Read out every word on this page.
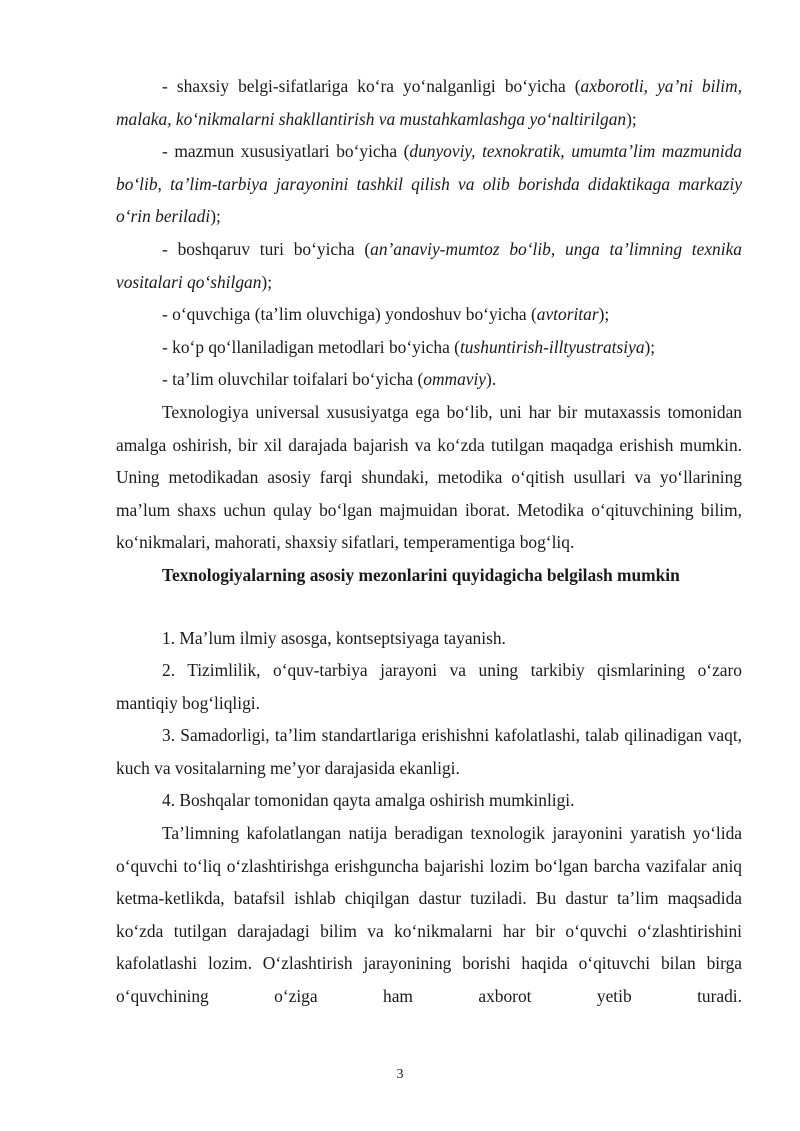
- shaxsiy belgi-sifatlariga ko‘ra yo‘nalganligi bo‘yicha (axborotli, ya’ni bilim, malaka, ko‘nikmalarni shakllantirish va mustahkamlashga yo‘naltirilgan);

- mazmun xususiyatlari bo‘yicha (dunyoviy, texnokratik, umumta’lim mazmunida bo‘lib, ta’lim-tarbiya jarayonini tashkil qilish va olib borishda didaktikaga markaziy o‘rin beriladi);

- boshqaruv turi bo‘yicha (an’anaviy-mumtoz bo‘lib, unga ta’limning texnika vositalari qo‘shilgan);

- o‘quvchiga (ta’lim oluvchiga) yondoshuv bo‘yicha (avtoritar);

- ko‘p qo‘llaniladigan metodlari bo‘yicha (tushuntirish-illtyustratsiya);

- ta’lim oluvchilar toifalari bo‘yicha (ommaviy).

Texnologiya universal xususiyatga ega bo‘lib, uni har bir mutaxassis tomonidan amalga oshirish, bir xil darajada bajarish va ko‘zda tutilgan maqadga erishish mumkin. Uning metodikadan asosiy farqi shundaki, metodika o‘qitish usullari va yo‘llarining ma’lum shaxs uchun qulay bo‘lgan majmuidan iborat. Metodika o‘qituvchining bilim, ko‘nikmalari, mahorati, shaxsiy sifatlari, temperamentiga bog‘liq.

Texnologiyalarning asosiy mezonlarini quyidagicha belgilash mumkin

1. Ma’lum ilmiy asosga, kontseptsiyaga tayanish.

2. Tizimlilik, o‘quv-tarbiya jarayoni va uning tarkibiy qismlarining o‘zaro mantiqiy bog‘liqligi.

3. Samadorligi, ta’lim standartlariga erishishni kafolatlashi, talab qilinadigan vaqt, kuch va vositalarning me’yor darajasida ekanligi.

4. Boshqalar tomonidan qayta amalga oshirish mumkinligi.

Ta’limning kafolatlangan natija beradigan texnologik jarayonini yaratish yo‘lida o‘quvchi to‘liq o‘zlashtirishga erishguncha bajarishi lozim bo‘lgan barcha vazifalar aniq ketma-ketlikda, batafsil ishlab chiqilgan dastur tuziladi. Bu dastur ta’lim maqsadida ko‘zda tutilgan darajadagi bilim va ko‘nikmalarni har bir o‘quvchi o‘zlashtirishini kafolatlashi lozim. O‘zlashtirish jarayonining borishi haqida o‘qituvchi bilan birga o‘quvchining o‘ziga ham axborot yetib turadi.

3
